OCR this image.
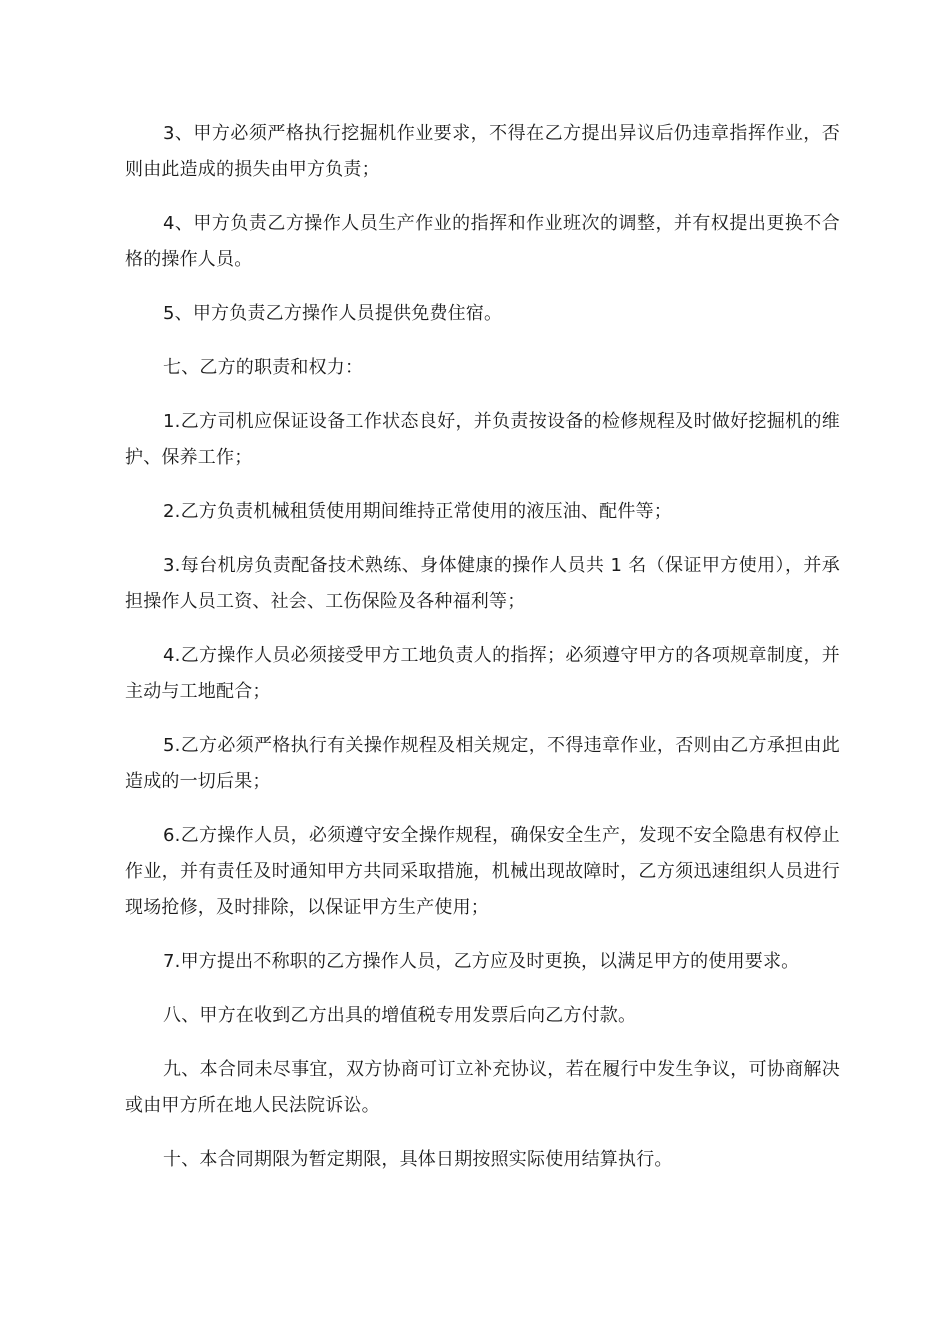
3、甲方必须严格执行挖掘机作业要求，不得在乙方提出异议后仍违章指挥作业，否则由此造成的损失由甲方负责；

4、甲方负责乙方操作人员生产作业的指挥和作业班次的调整，并有权提出更换不合格的操作人员。

5、甲方负责乙方操作人员提供免费住宿。

七、乙方的职责和权力：

1.乙方司机应保证设备工作状态良好，并负责按设备的检修规程及时做好挖掘机的维护、保养工作；

2.乙方负责机械租赁使用期间维持正常使用的液压油、配件等；

3.每台机房负责配备技术熟练、身体健康的操作人员共 1 名（保证甲方使用），并承担操作人员工资、社会、工伤保险及各种福利等；

4.乙方操作人员必须接受甲方工地负责人的指挥；必须遵守甲方的各项规章制度，并主动与工地配合；

5.乙方必须严格执行有关操作规程及相关规定，不得违章作业，否则由乙方承担由此造成的一切后果；

6.乙方操作人员，必须遵守安全操作规程，确保安全生产，发现不安全隐患有权停止作业，并有责任及时通知甲方共同采取措施，机械出现故障时，乙方须迅速组织人员进行现场抢修，及时排除，以保证甲方生产使用；

7.甲方提出不称职的乙方操作人员，乙方应及时更换，以满足甲方的使用要求。

八、甲方在收到乙方出具的增值税专用发票后向乙方付款。

九、本合同未尽事宜，双方协商可订立补充协议，若在履行中发生争议，可协商解决或由甲方所在地人民法院诉讼。

十、本合同期限为暂定期限，具体日期按照实际使用结算执行。
